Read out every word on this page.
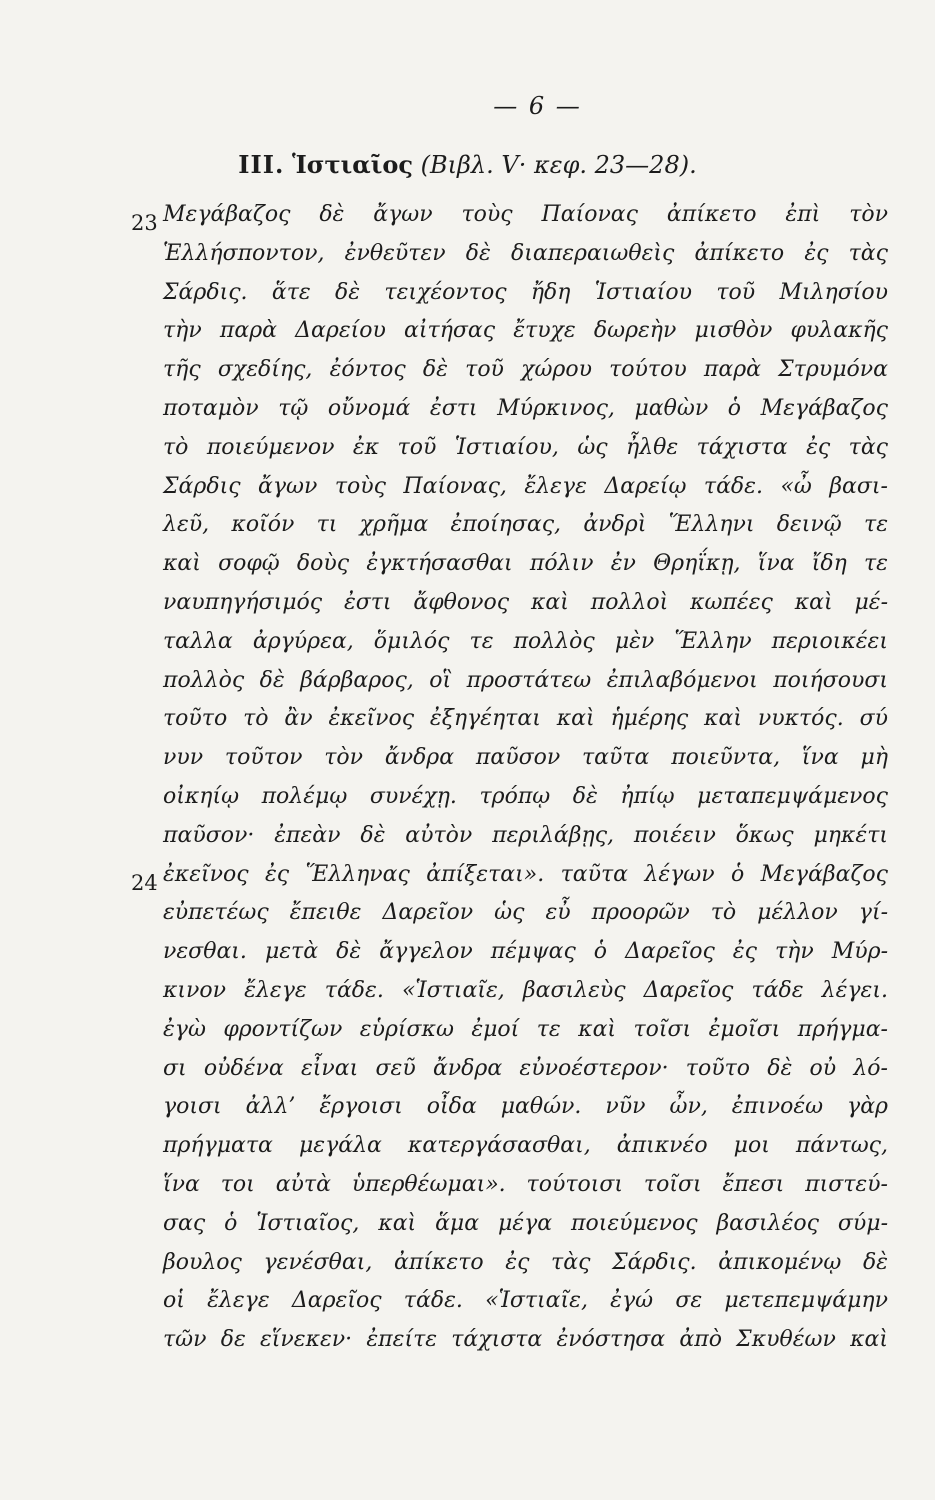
— 6 —
III. Ἱστιαῖος (Βιβλ. V· κεφ. 23—28).
23 Μεγάβαζος δὲ ἄγων τοὺς Παίονας ἀπίκετο ἐπὶ τὸν
Ἑλλήσποντον, ἐνθεῦτεν δὲ διαπεραιωθεὶς ἀπίκετο ἐς τὰς
Σάρδις. ἅτε δὲ τειχέοντος ἤδη Ἱστιαίου τοῦ Μιλησίου
τὴν παρὰ Δαρείου αἰτήσας ἔτυχε δωρεὴν μισθὸν φυλακῆς
τῆς σχεδίης, ἐόντος δὲ τοῦ χώρου τούτου παρὰ Στρυμόνα
ποταμὸν τῷ οὔνομά ἐστι Μύρκινος, μαθὼν ὁ Μεγάβαζος
τὸ ποιεύμενον ἐκ τοῦ Ἱστιαίου, ὡς ἦλθε τάχιστα ἐς τὰς
Σάρδις ἄγων τοὺς Παίονας, ἔλεγε Δαρείῳ τάδε. «ὦ βασι-
λεῦ, κοῖόν τι χρῆμα ἐποίησας, ἀνδρὶ Ἕλληνι δεινῷ τε
καὶ σοφῷ δοὺς ἐγκτήσασθαι πόλιν ἐν Θρηΐκῃ, ἵνα ἴδη τε
ναυπηγήσιμός ἐστι ἄφθονος καὶ πολλοὶ κωπέες καὶ μέ-
ταλλα ἀργύρεα, ὅμιλός τε πολλὸς μὲν Ἕλλην περιοικέει
πολλὸς δὲ βάρβαρος, οἳ προστάτεω ἐπιλαβόμενοι ποιήσουσι
τοῦτο τὸ ἂν ἐκεῖνος ἐξηγέηται καὶ ἡμέρης καὶ νυκτός. σύ
νυν τοῦτον τὸν ἄνδρα παῦσον ταῦτα ποιεῦντα, ἵνα μὴ
οἰκηίῳ πολέμῳ συνέχῃ. τρόπῳ δὲ ἠπίῳ μεταπεμψάμενος
παῦσον· ἐπεὰν δὲ αὐτὸν περιλάβῃς, ποιέειν ὅκως μηκέτι
24 ἐκεῖνος ἐς Ἕλληνας ἀπίξεται». ταῦτα λέγων ὁ Μεγάβαζος
εὐπετέως ἔπειθε Δαρεῖον ὡς εὖ προορῶν τὸ μέλλον γί-
νεσθαι. μετὰ δὲ ἄγγελον πέμψας ὁ Δαρεῖος ἐς τὴν Μύρ-
κινον ἔλεγε τάδε. «Ἱστιαῖε, βασιλεὺς Δαρεῖος τάδε λέγει.
ἐγὼ φροντίζων εὑρίσκω ἐμοί τε καὶ τοῖσι ἐμοῖσι πρήγμα-
σι οὐδένα εἶναι σεῦ ἄνδρα εὐνοέστερον· τοῦτο δὲ οὐ λό-
γοισι ἀλλ’ ἔργοισι οἶδα μαθών. νῦν ὦν, ἐπινοέω γὰρ
πρήγματα μεγάλα κατεργάσασθαι, ἀπικνέο μοι πάντως,
ἵνα τοι αὐτὰ ὑπερθέωμαι». τούτοισι τοῖσι ἔπεσι πιστεύ-
σας ὁ Ἱστιαῖος, καὶ ἅμα μέγα ποιεύμενος βασιλέος σύμ-
βουλος γενέσθαι, ἀπίκετο ἐς τὰς Σάρδις. ἀπικομένῳ δὲ
οἱ ἔλεγε Δαρεῖος τάδε. «Ἱστιαῖε, ἐγώ σε μετεπεμψάμην
τῶν δε εἵνεκεν· ἐπείτε τάχιστα ἐνόστησα ἀπὸ Σκυθέων καὶ
